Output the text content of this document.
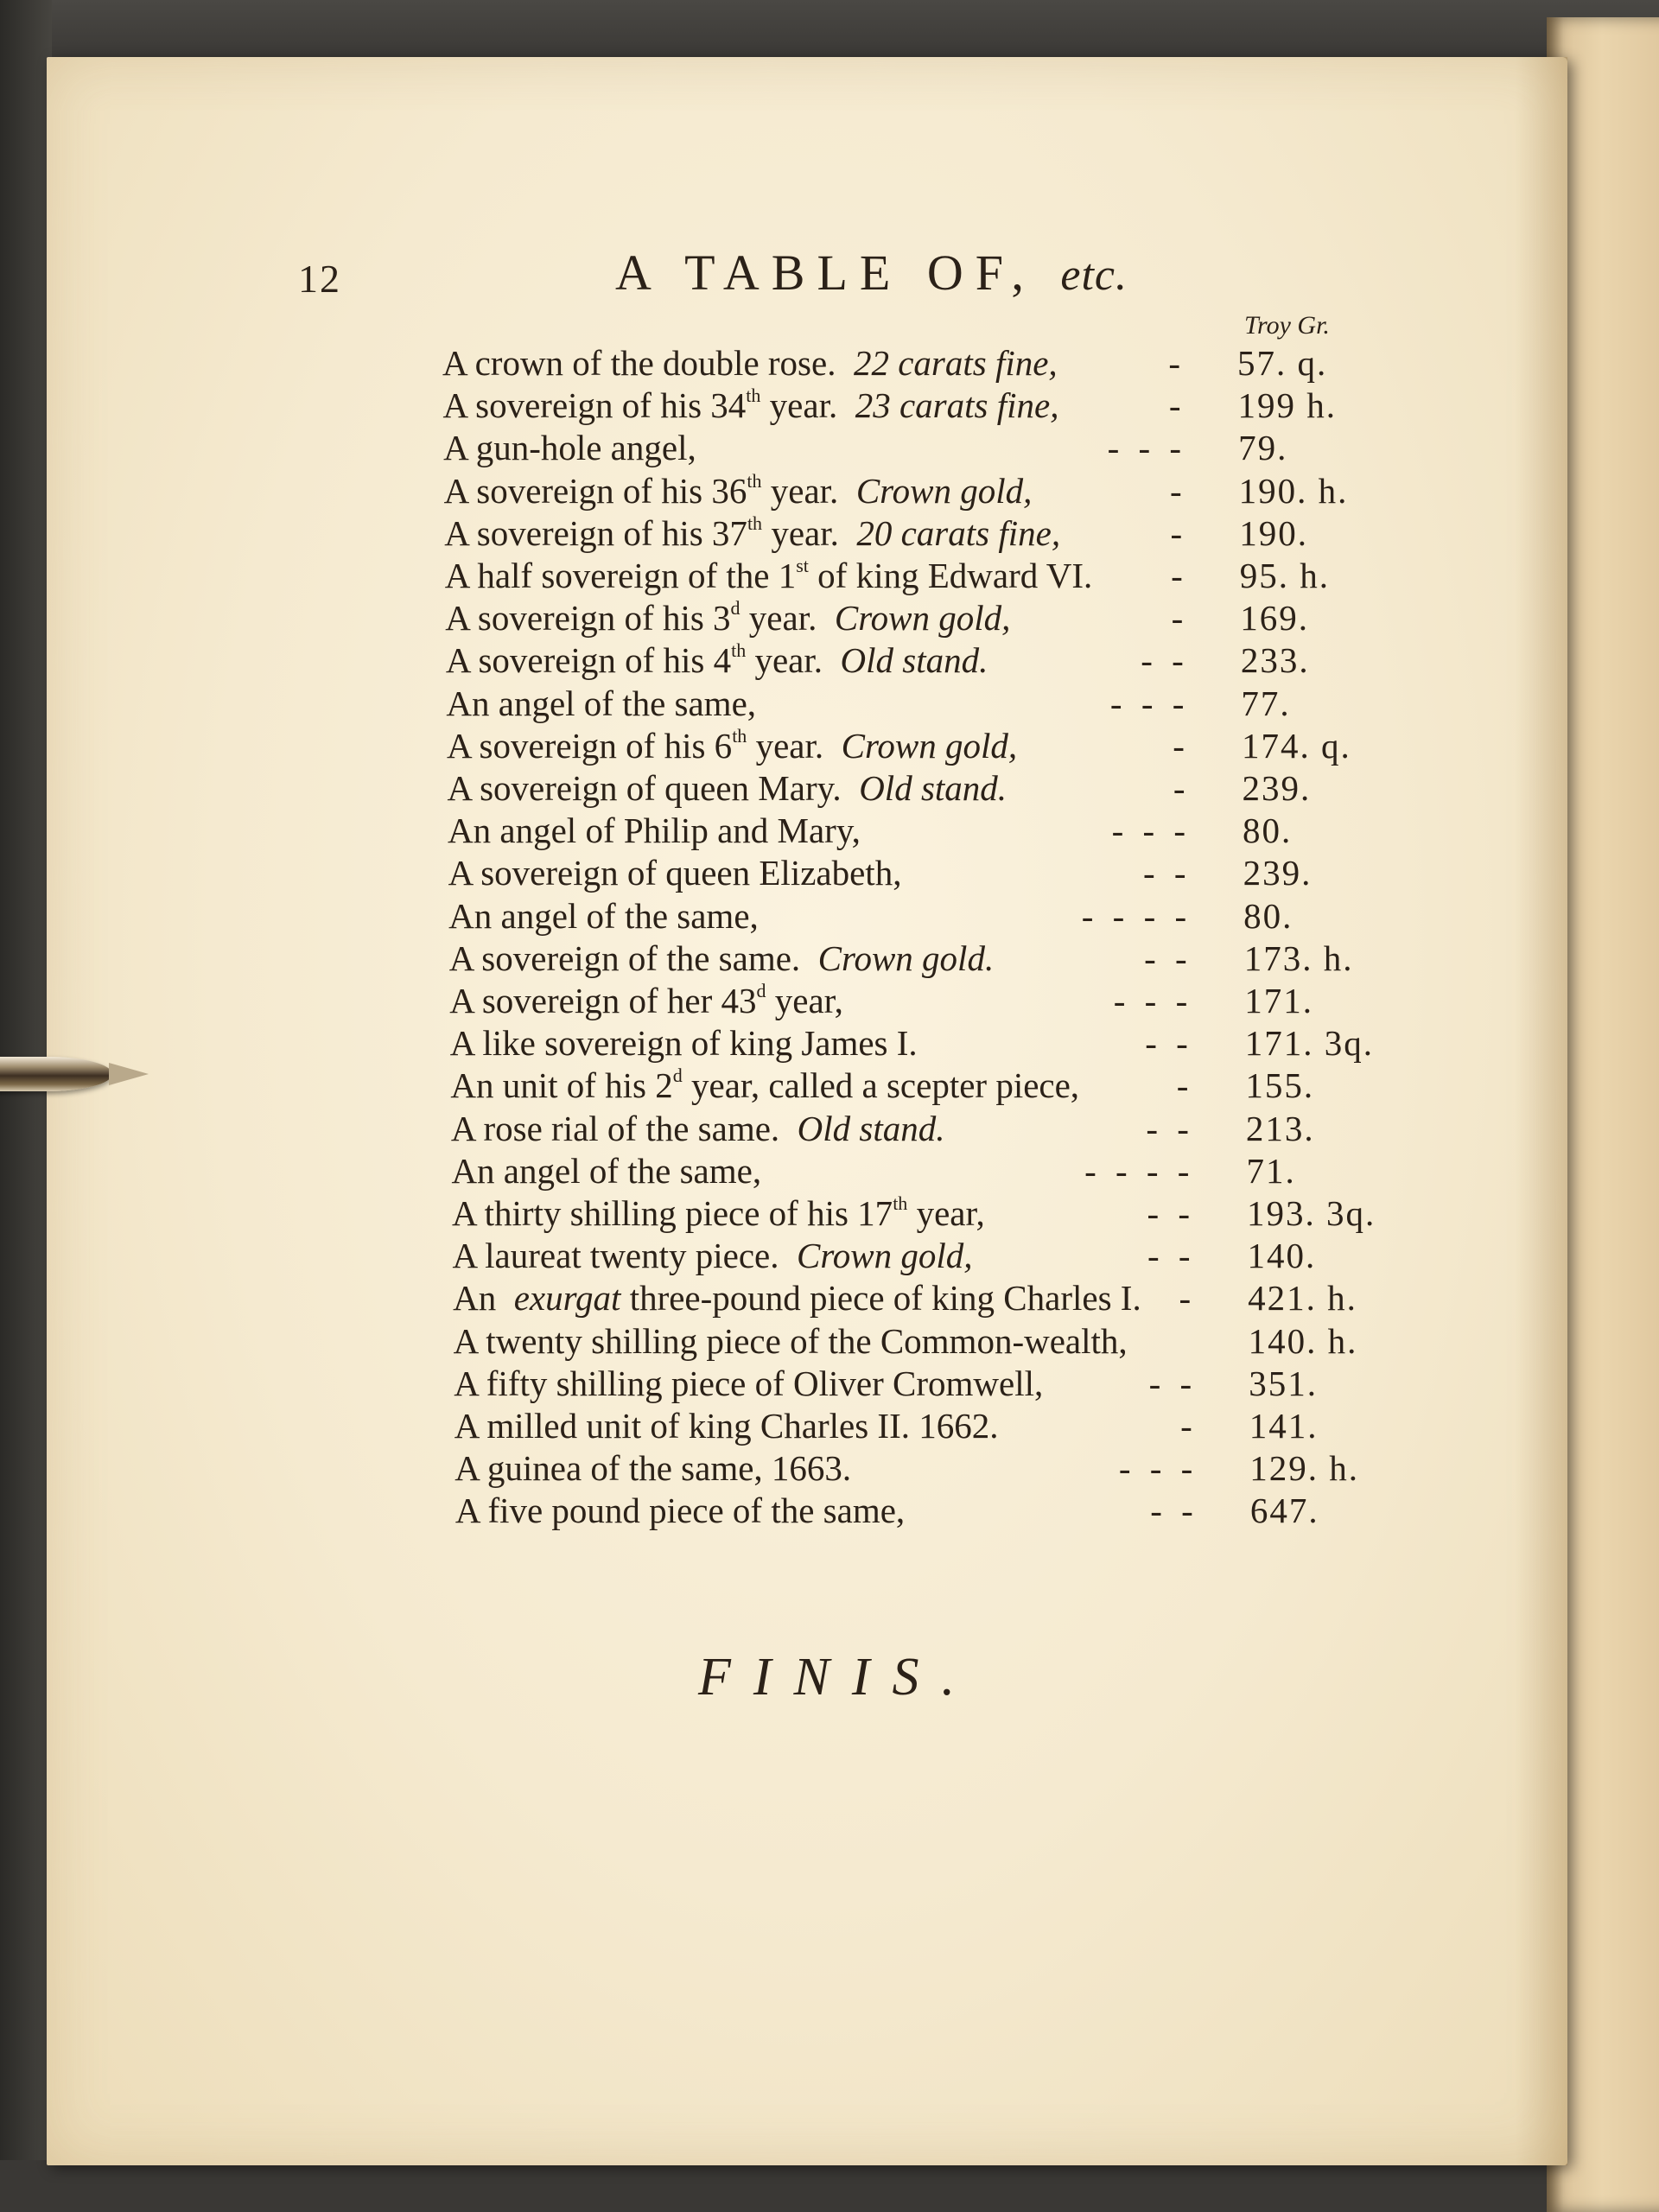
12	A TABLE OF, etc.
Troy Gr.
A crown of the double rose. 22 carats fine,	- 57. q.
A sovereign of his 34th year. 23 carats fine,	- 199 h.
A gun-hole angel,	- - - 79.
A sovereign of his 36th year. Crown gold,	- 190. h.
A sovereign of his 37th year. 20 carats fine,	- 190.
A half sovereign of the 1st of king Edward VI. - 95. h.
A sovereign of his 3$^d$ year. Crown gold,	- 169.
A sovereign of his 4th year. Old stand.	- - 233.
An angel of the same,	- - - 77.
A sovereign of his 6th year. Crown gold,	- 174. q.
A sovereign of queen Mary. Old stand.	- 239.
An angel of Philip and Mary,	- - - 80.
A sovereign of queen Elizabeth,	- - 239.
An angel of the same,	- - - - 80.
A sovereign of the same. Crown gold.	- - 173. h.
A sovereign of her 43$^d$ year,	- - - 171.
A like sovereign of king James I.	- - 171. 3q.
An unit of his 2$^d$ year, called a scepter piece,	- 155.
A rose rial of the same. Old stand.	- - 213.
An angel of the same,	- - - - 71.
A thirty shilling piece of his 17th year,	- - 193. 3q.
A laureat twenty piece. Crown gold,	- - 140.
An exurgat three-pound piece of king Charles I. - 421. h.
A twenty shilling piece of the Common-wealth,	140. h.
A fifty shilling piece of Oliver Cromwell,	- - 351.
A milled unit of king Charles II. 1662.	- 141.
A guinea of the same, 1663.	- - - 129. h.
A five pound piece of the same,	- - 647.
FINIS.
